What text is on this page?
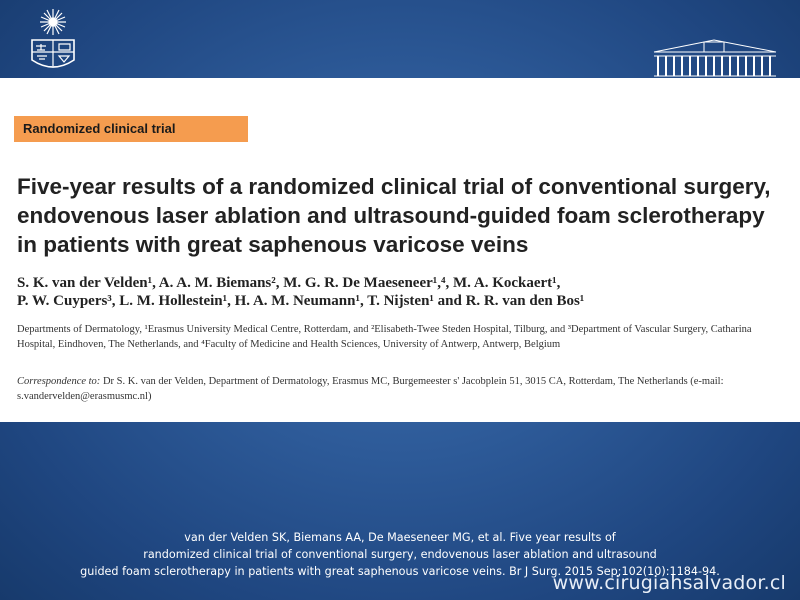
Randomized clinical trial
Five-year results of a randomized clinical trial of conventional surgery, endovenous laser ablation and ultrasound-guided foam sclerotherapy in patients with great saphenous varicose veins
S. K. van der Velden¹, A. A. M. Biemans², M. G. R. De Maeseneer¹,⁴, M. A. Kockaert¹,
P. W. Cuypers³, L. M. Hollestein¹, H. A. M. Neumann¹, T. Nijsten¹ and R. R. van den Bos¹
Departments of Dermatology, ¹Erasmus University Medical Centre, Rotterdam, and ²Elisabeth-Twee Steden Hospital, Tilburg, and ³Department of Vascular Surgery, Catharina Hospital, Eindhoven, The Netherlands, and ⁴Faculty of Medicine and Health Sciences, University of Antwerp, Antwerp, Belgium
Correspondence to: Dr S. K. van der Velden, Department of Dermatology, Erasmus MC, Burgemeester s' Jacobplein 51, 3015 CA, Rotterdam, The Netherlands (e-mail: s.vandervelden@erasmusmc.nl)
van der Velden SK, Biemans AA, De Maeseneer MG, et al. Five year results of
randomized clinical trial of conventional surgery, endovenous laser ablation and ultrasound
guided foam sclerotherapy in patients with great saphenous varicose veins. Br J Surg. 2015 Sep;102(10):1184-94.
www.cirugiahsalvador.cl
